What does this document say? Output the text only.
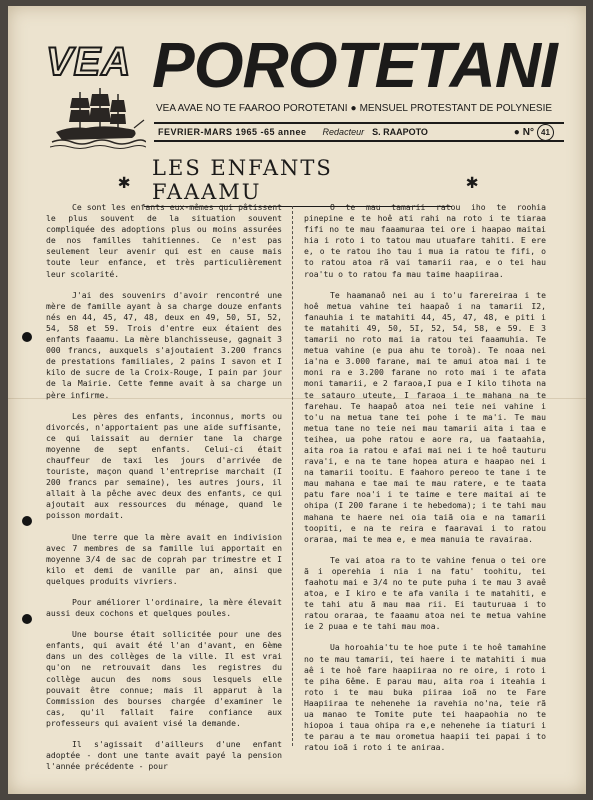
VEA POROTETANI
VEA AVAE NO TE FAAROO POROTETANI ● MENSUEL PROTESTANT DE POLYNESIE
FEVRIER-MARS 1965 -65 annee Redacteur S. RAAPOTO	● N° 41
✱
LES ENFANTS FAAAMU	✱

Ce sont les enfants eux-mêmes qui pâtissent le plus souvent de la situation souvent compliquée des adoptions plus ou moins assurées de nos familles tahitiennes. Ce n'est pas seulement leur avenir qui est en cause mais toute leur enfance, et très particulièrement leur scolarité.

J'ai des souvenirs d'avoir rencontré une mère de famille ayant à sa charge douze enfants nés en 44, 45, 47, 48, deux en 49, 50, 5I, 52, 54, 58 et 59. Trois d'entre eux étaient des enfants faaamu. La mère blanchisseuse, gagnait 3 000 francs, auxquels s'ajoutaient 3.200 francs de prestations familiales, 2 pains I savon et I kilo de sucre de la Croix-Rouge, I pain par jour de la Mairie. Cette femme avait à sa charge un père infirme.

Les pères des enfants, inconnus, morts ou divorcés, n'apportaient pas une aide suffisante, ce qui laissait au dernier tane la charge moyenne de sept enfants. Celui-ci était chauffeur de taxi les jours d'arrivée de touriste, maçon quand l'entreprise marchait (I 200 francs par semaine), les autres jours, il allait à la pêche avec deux des enfants, ce qui ajoutait aux ressources du ménage, quand le poisson mordait.

Une terre que la mère avait en indivision avec 7 membres de sa famille lui apportait en moyenne 3/4 de sac de coprah par trimestre et I kilo et demi de vanille par an, ainsi que quelques produits vivriers.

Pour améliorer l'ordinaire, la mère élevait aussi deux cochons et quelques poules.

Une bourse était sollicitée pour une des enfants, qui avait été l'an d'avant, en 6ème dans un des collèges de la ville. Il est vrai qu'on ne retrouvait dans les registres du collège aucun des noms sous lesquels elle pouvait être connue; mais il apparut à la Commission des bourses chargée d'examiner le cas, qu'il fallait faire confiance aux professeurs qui avaient visé la demande.

Il s'agissait d'ailleurs d'une enfant adoptée - dont une tante avait payé la pension l'année précédente - pour

O te mau tamarii ratou iho te roohia pinepine e te hoê ati rahi na roto i te tiaraa fifi no te mau faaamuraa tei ore i haapao maitai hia i roto i to tatou mau utuafare tahiti. E ere e, o te ratou iho tau i mua ia ratou te fifi, o to ratou atoa rã vai tamarii raa, e o tei hau roa'tu o to ratou fa mau taime haapiiraa.

Te haamanaô nei au i to'u farereiraa i te hoê metua vahine tei haapaô i na tamarii I2, fanauhia i te matahiti 44, 45, 47, 48, e piti i te matahiti 49, 50, 5I, 52, 54, 58, e 59. E 3 tamarii no roto mai ia ratou tei faaamuhia. Te metua vahine (e pua ahu te toroà). Te noaa nei ia'na e 3.000 farane, mai te amui atoa mai i te moni ra e 3.200 farane no roto mai i te afata moni tamarii, e 2 faraoa,I pua e I kilo tihota na te satauro uteute, I faraoa i te mahana na te farehau. Te haapaô atoa nei teie nei vahine i to'u na metua tane tei pohe i te ma'i. Te mau metua tane no teie nei mau tamarii aita i taa e teihea, ua pohe ratou e aore ra, ua faataahia, aita roa ia ratou e afai mai nei i te hoê tauturu rava'i, e na te tane hopea atura e haapao nei i na tamarii tooitu. E faahoro pereoo te tane i te mau mahana e tae mai te mau ratere, e te taata patu fare noa'i i te taime e tere maitai ai te ohipa (I 200 farane i te hebedoma); i te tahi mau mahana te haere nei oia taiã oia e na tamarii toopiti, e na te reira e faaravai i to ratou oraraa, mai te mea e, e mea manuia te ravairaa.

Te vai atoa ra to te vahine fenua o tei ore ã i operehia i nia i na fatu' toohitu, tei faahotu mai e 3/4 no te pute puha i te mau 3 avaê atoa, e I kiro e te afa vanila i te matahiti, e te tahi atu ã mau maa rii. Ei tauturuaa i to ratou oraraa, te faaamu atoa nei te metua vahine ie 2 puaa e te tahi mau moa.

Ua horoahia'tu te hoe pute i te hoê tamahine no te mau tamarii, tei haere i te matahiti i mua aê i te hoê fare haapiiraa no re oire, i roto i te piha 6ême. E parau mau, aita roa i iteahia i roto i te mau buka piiraa ioã no te Fare Haapiiraa te nehenehe ia ravehia no'na, teie rã ua manao te Tomite pute tei haapaohia no te hiopoa i taua ohipa ra e,e nehenehe ia tiaturi i te parau a te mau orometua haapii tei papai i to ratou ioã i roto i te aniraa.
